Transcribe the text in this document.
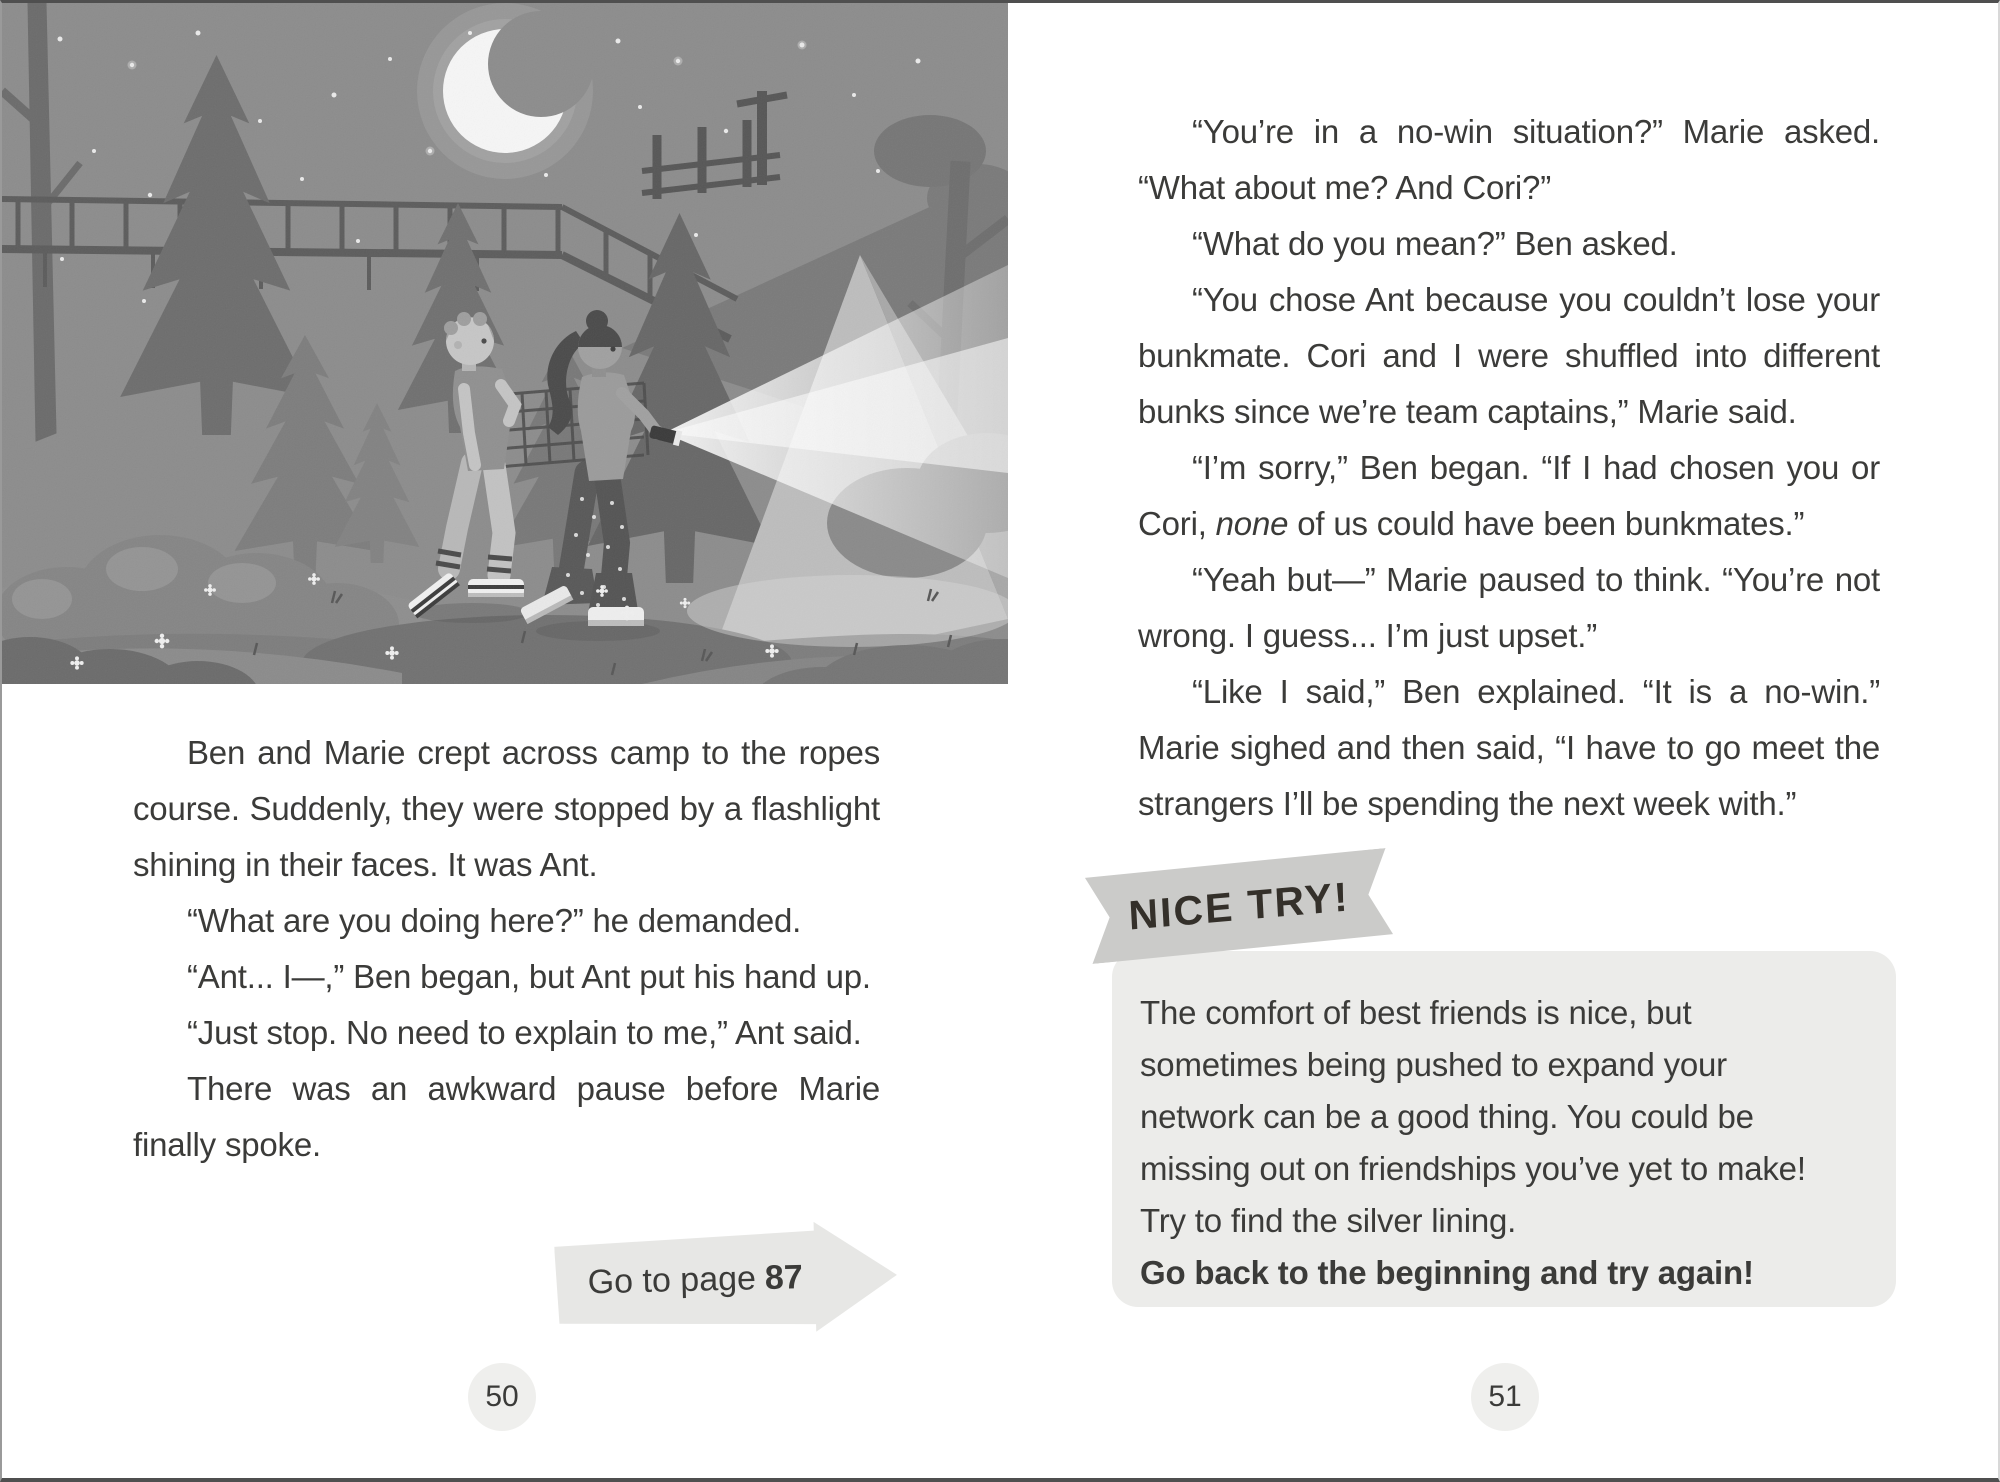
Ben and Marie crept across camp to the ropes course. Suddenly, they were stopped by a flashlight shining in their faces. It was Ant.

“What are you doing here?” he demanded.

“Ant... I—,” Ben began, but Ant put his hand up.

“Just stop. No need to explain to me,” Ant said.

There was an awkward pause before Marie finally spoke.

Go to page 87
50

“You’re in a no-win situation?” Marie asked. “What about me? And Cori?”

“What do you mean?” Ben asked.

“You chose Ant because you couldn’t lose your bunkmate. Cori and I were shuffled into different bunks since we’re team captains,” Marie said.

“I’m sorry,” Ben began. “If I had chosen you or Cori, none of us could have been bunkmates.”

“Yeah but—” Marie paused to think. “You’re not wrong. I guess... I’m just upset.”

“Like I said,” Ben explained. “It is a no-win.” Marie sighed and then said, “I have to go meet the strangers I’ll be spending the next week with.”

NICE TRY!

The comfort of best friends is nice, but

sometimes being pushed to expand your

network can be a good thing. You could be

missing out on friendships you’ve yet to make!

Try to find the silver lining.

Go back to the beginning and try again!

51
